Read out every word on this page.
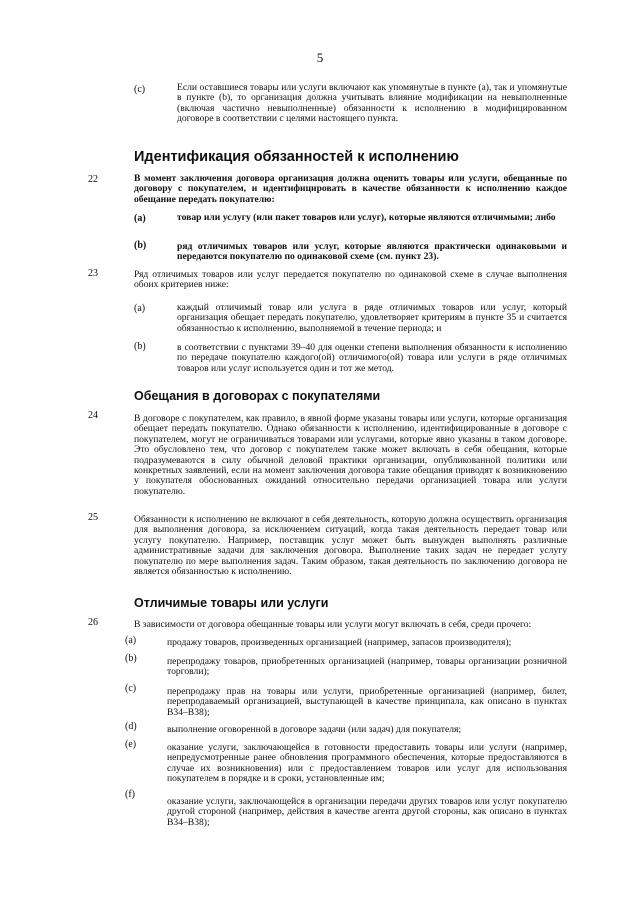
5
(c)	Если оставшиеся товары или услуги включают как упомянутые в пункте (а), так и упомянутые в пункте (b), то организация должна учитывать влияние модификации на невыполненные (включая частично невыполненные) обязанности к исполнению в модифицированном договоре в соответствии с целями настоящего пункта.
Идентификация обязанностей к исполнению
22	В момент заключения договора организация должна оценить товары или услуги, обещанные по договору с покупателем, и идентифицировать в качестве обязанности к исполнению каждое обещание передать покупателю:
(a)	товар или услугу (или пакет товаров или услуг), которые являются отличимыми; либо
(b)	ряд отличимых товаров или услуг, которые являются практически одинаковыми и передаются покупателю по одинаковой схеме (см. пункт 23).
23	Ряд отличимых товаров или услуг передается покупателю по одинаковой схеме в случае выполнения обоих критериев ниже:
(a)	каждый отличимый товар или услуга в ряде отличимых товаров или услуг, который организация обещает передать покупателю, удовлетворяет критериям в пункте 35 и считается обязанностью к исполнению, выполняемой в течение периода; и
(b)	в соответствии с пунктами 39–40 для оценки степени выполнения обязанности к исполнению по передаче покупателю каждого(ой) отличимого(ой) товара или услуги в ряде отличимых товаров или услуг используется один и тот же метод.
Обещания в договорах с покупателями
24	В договоре с покупателем, как правило, в явной форме указаны товары или услуги, которые организация обещает передать покупателю. Однако обязанности к исполнению, идентифицированные в договоре с покупателем, могут не ограничиваться товарами или услугами, которые явно указаны в таком договоре. Это обусловлено тем, что договор с покупателем также может включать в себя обещания, которые подразумеваются в силу обычной деловой практики организации, опубликованной политики или конкретных заявлений, если на момент заключения договора такие обещания приводят к возникновению у покупателя обоснованных ожиданий относительно передачи организацией товара или услуги покупателю.
25	Обязанности к исполнению не включают в себя деятельность, которую должна осуществить организация для выполнения договора, за исключением ситуаций, когда такая деятельность передает товар или услугу покупателю. Например, поставщик услуг может быть вынужден выполнять различные административные задачи для заключения договора. Выполнение таких задач не передает услугу покупателю по мере выполнения задач. Таким образом, такая деятельность по заключению договора не является обязанностью к исполнению.
Отличимые товары или услуги
26	В зависимости от договора обещанные товары или услуги могут включать в себя, среди прочего:
(a)	продажу товаров, произведенных организацией (например, запасов производителя);
(b)	перепродажу товаров, приобретенных организацией (например, товары организации розничной торговли);
(c)	перепродажу прав на товары или услуги, приобретенные организацией (например, билет, перепродаваемый организацией, выступающей в качестве принципала, как описано в пунктах B34–B38);
(d)	выполнение оговоренной в договоре задачи (или задач) для покупателя;
(e)	оказание услуги, заключающейся в готовности предоставить товары или услуги (например, непредусмотренные ранее обновления программного обеспечения, которые предоставляются в случае их возникновения) или с предоставлением товаров или услуг для использования покупателем в порядке и в сроки, установленные им;
(f)
оказание услуги, заключающейся в организации передачи других товаров или услуг покупателю другой стороной (например, действия в качестве агента другой стороны, как описано в пунктах B34–B38);
